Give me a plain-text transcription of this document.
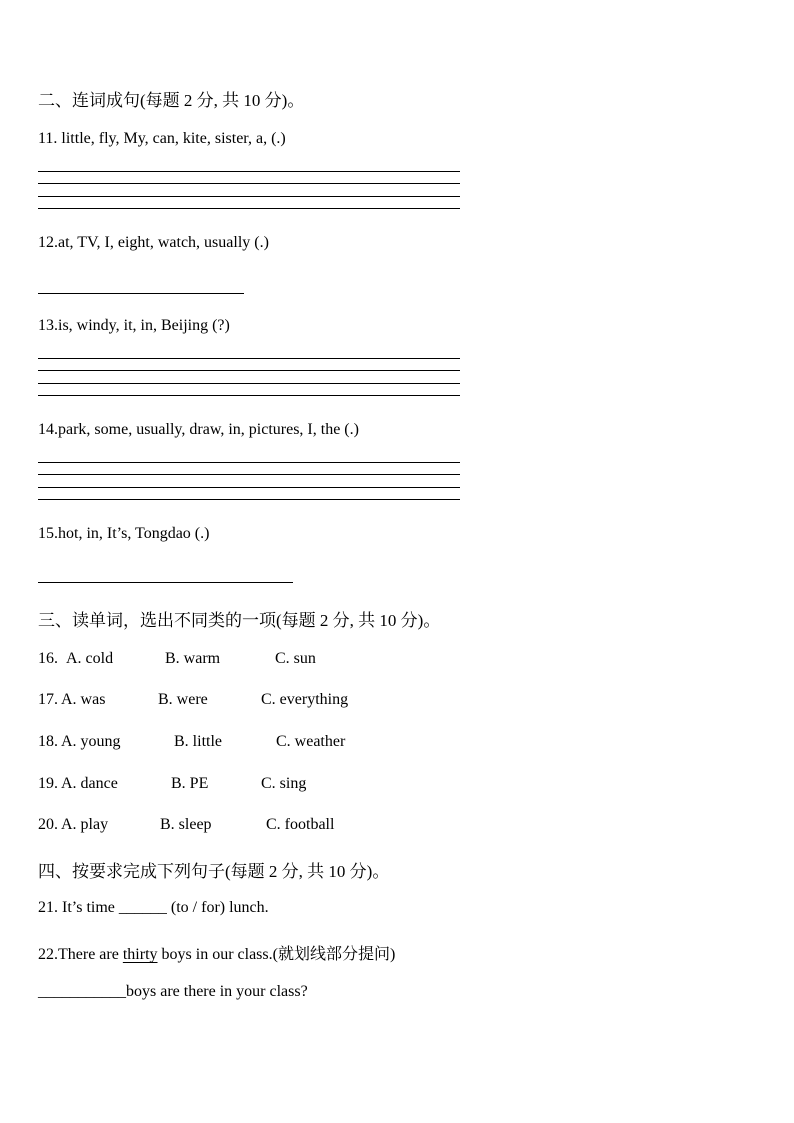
二、连词成句(每题 2 分, 共 10 分)。
11. little, fly, My, can, kite, sister, a, (.)
12.at, TV, I, eight, watch, usually (.)
13.is, windy, it, in, Beijing (?)
14.park, some, usually, draw, in, pictures, I, the (.)
15.hot, in, It’s, Tongdao (.)
三、读单词，选出不同类的一项(每题 2 分, 共 10 分)。
16. A. cold	B. warm	C. sun
17. A. was	B. were	C. everything
18. A. young	B. little	C. weather
19. A. dance	B. PE	C. sing
20. A. play	B. sleep	C. football
四、按要求完成下列句子(每题 2 分, 共 10 分)。
21. It’s time ______ (to / for) lunch.
22.There are thirty boys in our class.(就划线部分提问)
___________boys are there in your class?
